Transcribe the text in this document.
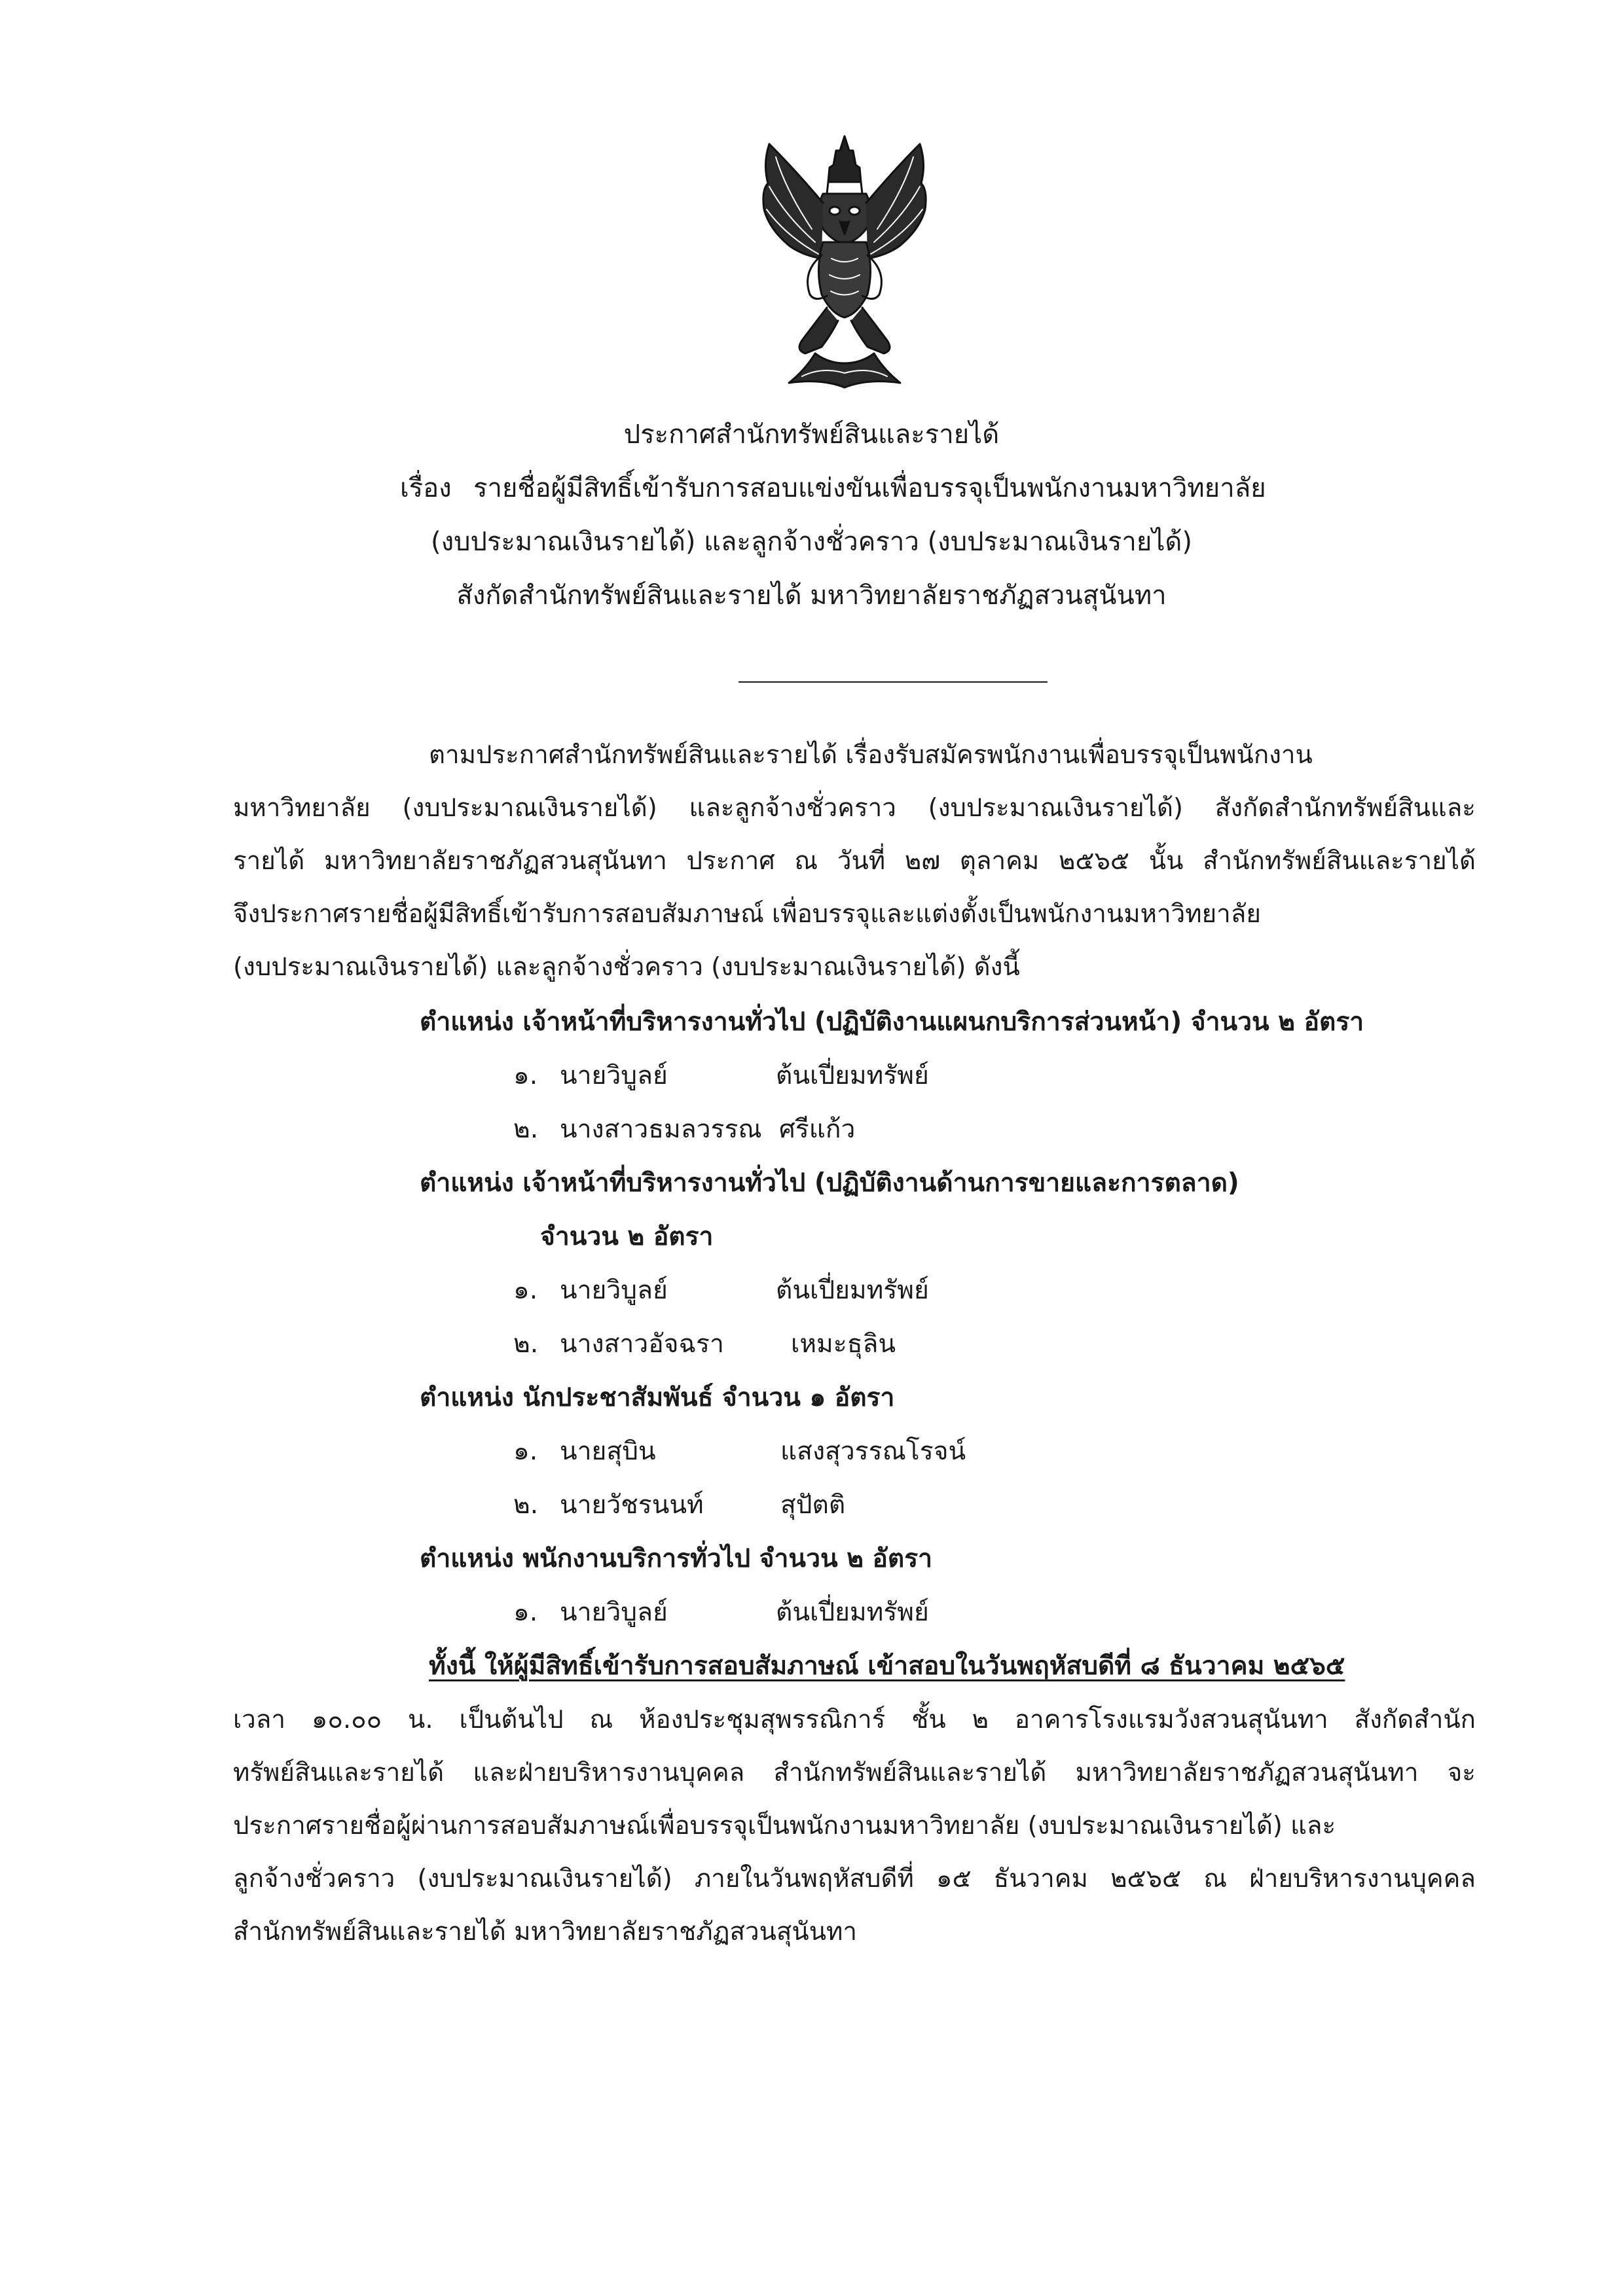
ประกาศสำนักทรัพย์สินและรายได้
เรื่อง รายชื่อผู้มีสิทธิ์เข้ารับการสอบแข่งขันเพื่อบรรจุเป็นพนักงานมหาวิทยาลัย
(งบประมาณเงินรายได้) และลูกจ้างชั่วคราว (งบประมาณเงินรายได้)
สังกัดสำนักทรัพย์สินและรายได้ มหาวิทยาลัยราชภัฏสวนสุนันทา
ตามประกาศสำนักทรัพย์สินและรายได้ เรื่องรับสมัครพนักงานเพื่อบรรจุเป็นพนักงาน
มหาวิทยาลัย (งบประมาณเงินรายได้) และลูกจ้างชั่วคราว (งบประมาณเงินรายได้) สังกัดสำนักทรัพย์สินและ
รายได้ มหาวิทยาลัยราชภัฏสวนสุนันทา ประกาศ ณ วันที่ ๒๗ ตุลาคม ๒๕๖๕ นั้น สำนักทรัพย์สินและรายได้
จึงประกาศรายชื่อผู้มีสิทธิ์เข้ารับการสอบสัมภาษณ์ เพื่อบรรจุและแต่งตั้งเป็นพนักงานมหาวิทยาลัย
(งบประมาณเงินรายได้) และลูกจ้างชั่วคราว (งบประมาณเงินรายได้) ดังนี้
ตำแหน่ง เจ้าหน้าที่บริหารงานทั่วไป (ปฏิบัติงานแผนกบริการส่วนหน้า) จำนวน ๒ อัตรา
๑. นายวิบูลย์	ต้นเปี่ยมทรัพย์
๒. นางสาวธมลวรรณ ศรีแก้ว
ตำแหน่ง เจ้าหน้าที่บริหารงานทั่วไป (ปฏิบัติงานด้านการขายและการตลาด)
จำนวน ๒ อัตรา
๑. นายวิบูลย์	ต้นเปี่ยมทรัพย์
๒. นางสาวอัจฉรา	เหมะธุลิน
ตำแหน่ง นักประชาสัมพันธ์ จำนวน ๑ อัตรา
๑. นายสุบิน	แสงสุวรรณโรจน์
๒. นายวัชรนนท์	สุปัตติ
ตำแหน่ง พนักงานบริการทั่วไป จำนวน ๒ อัตรา
๑. นายวิบูลย์	ต้นเปี่ยมทรัพย์
ทั้งนี้ ให้ผู้มีสิทธิ์เข้ารับการสอบสัมภาษณ์ เข้าสอบในวันพฤหัสบดีที่ ๘ ธันวาคม ๒๕๖๕
เวลา ๑๐.๐๐ น. เป็นต้นไป ณ ห้องประชุมสุพรรณิการ์ ชั้น ๒ อาคารโรงแรมวังสวนสุนันทา สังกัดสำนัก
ทรัพย์สินและรายได้ และฝ่ายบริหารงานบุคคล สำนักทรัพย์สินและรายได้ มหาวิทยาลัยราชภัฏสวนสุนันทา จะ
ประกาศรายชื่อผู้ผ่านการสอบสัมภาษณ์เพื่อบรรจุเป็นพนักงานมหาวิทยาลัย (งบประมาณเงินรายได้) และ
ลูกจ้างชั่วคราว (งบประมาณเงินรายได้) ภายในวันพฤหัสบดีที่ ๑๕ ธันวาคม ๒๕๖๕ ณ ฝ่ายบริหารงานบุคคล
สำนักทรัพย์สินและรายได้ มหาวิทยาลัยราชภัฏสวนสุนันทา
